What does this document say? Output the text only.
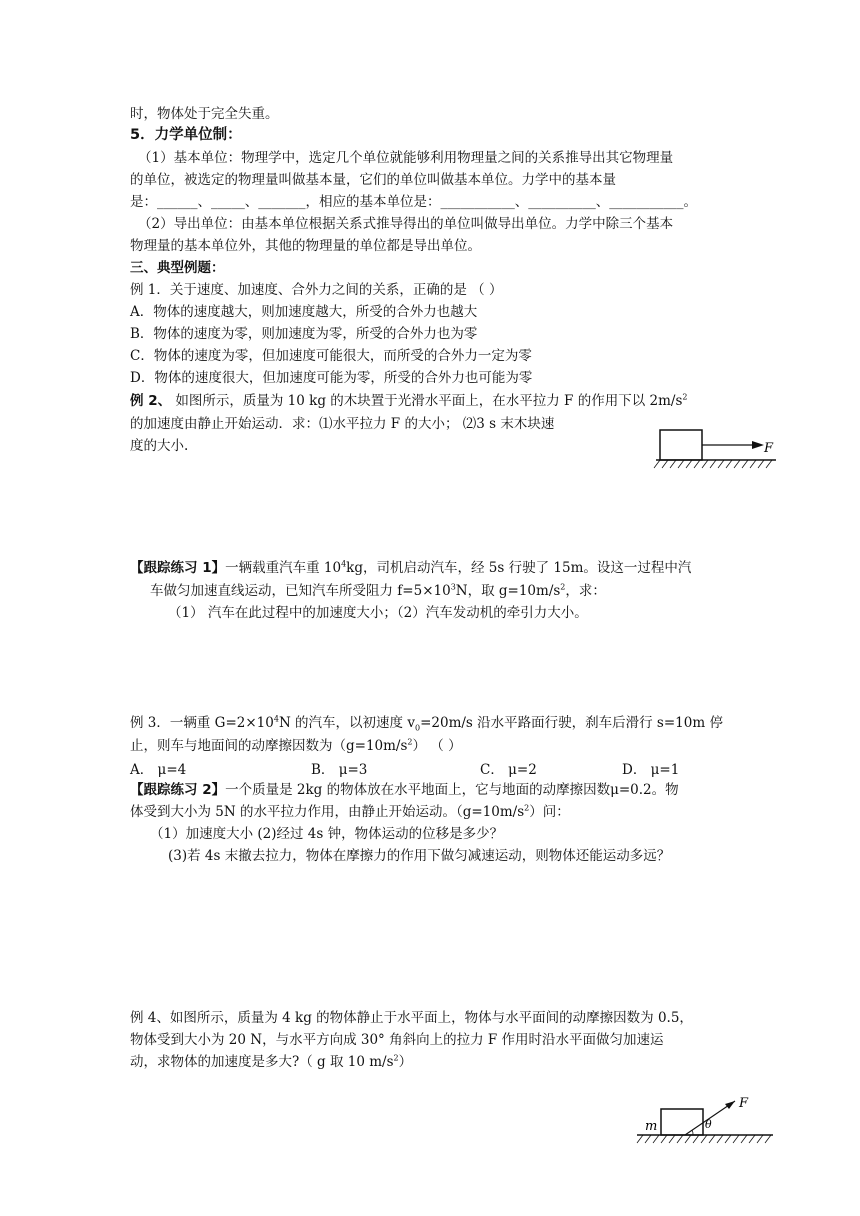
时，物体处于完全失重。
5．力学单位制：
（1）基本单位：物理学中，选定几个单位就能够利用物理量之间的关系推导出其它物理量
的单位，被选定的物理量叫做基本量，它们的单位叫做基本单位。力学中的基本量
是：______、_____、_______，相应的基本单位是：___________、__________、___________。
（2）导出单位：由基本单位根据关系式推导得出的单位叫做导出单位。力学中除三个基本
物理量的基本单位外，其他的物理量的单位都是导出单位。
三、典型例题：
例 1．关于速度、加速度、合外力之间的关系，正确的是 （ ）
A．物体的速度越大，则加速度越大，所受的合外力也越大
B．物体的速度为零，则加速度为零，所受的合外力也为零
C．物体的速度为零，但加速度可能很大，而所受的合外力一定为零
D．物体的速度很大，但加速度可能为零，所受的合外力也可能为零
例 2、 如图所示，质量为 10 kg 的木块置于光滑水平面上，在水平拉力 F 的作用下以 $2m/s^2$
的加速度由静止开始运动．求：⑴水平拉力 F 的大小； ⑵3 s 末木块速
度的大小.	F
【跟踪练习 1】一辆载重汽车重 $10^4kg$，司机启动汽车，经 5s 行驶了 15m。设这一过程中汽
车做匀加速直线运动，已知汽车所受阻力 $f=5\times 10^3N$，取 $g=10m/s^2$，求：
（1） 汽车在此过程中的加速度大小；（2）汽车发动机的牵引力大小。
例 3．一辆重 $G=2\times 10^4N$ 的汽车，以初速度 $v_0=20m/s$ 沿水平路面行驶，刹车后滑行 s=10m 停
止，则车与地面间的动摩擦因数为$(g=10m/s^2)$ （ ）
A． μ=4	B． μ=3	C． μ=2	D． μ=1
【跟踪练习 2】一个质量是 2kg 的物体放在水平地面上，它与地面的动摩擦因数μ=0.2。物
体受到大小为 5N 的水平拉力作用，由静止开始运动。$(g=10m/s^2)$问：
（1）加速度大小 (2)经过 4s 钟，物体运动的位移是多少？
(3)若 4s 末撤去拉力，物体在摩擦力的作用下做匀减速运动，则物体还能运动多远？
例 4、如图所示，质量为 4 kg 的物体静止于水平面上，物体与水平面间的动摩擦因数为 0.5，
物体受到大小为 20 N，与水平方向成 30° 角斜向上的拉力 F 作用时沿水平面做匀加速运
动，求物体的加速度是多大?（ g 取 10 $m/s^2$）
m
F
θ
